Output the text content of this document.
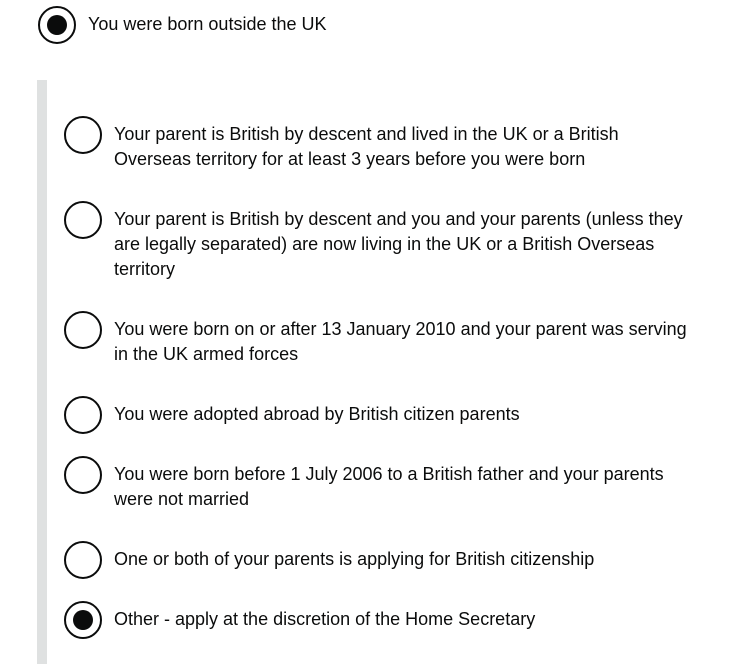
You were born outside the UK
Your parent is British by descent and lived in the UK or a British Overseas territory for at least 3 years before you were born
Your parent is British by descent and you and your parents (unless they are legally separated) are now living in the UK or a British Overseas territory
You were born on or after 13 January 2010 and your parent was serving in the UK armed forces
You were adopted abroad by British citizen parents
You were born before 1 July 2006 to a British father and your parents were not married
One or both of your parents is applying for British citizenship
Other - apply at the discretion of the Home Secretary
